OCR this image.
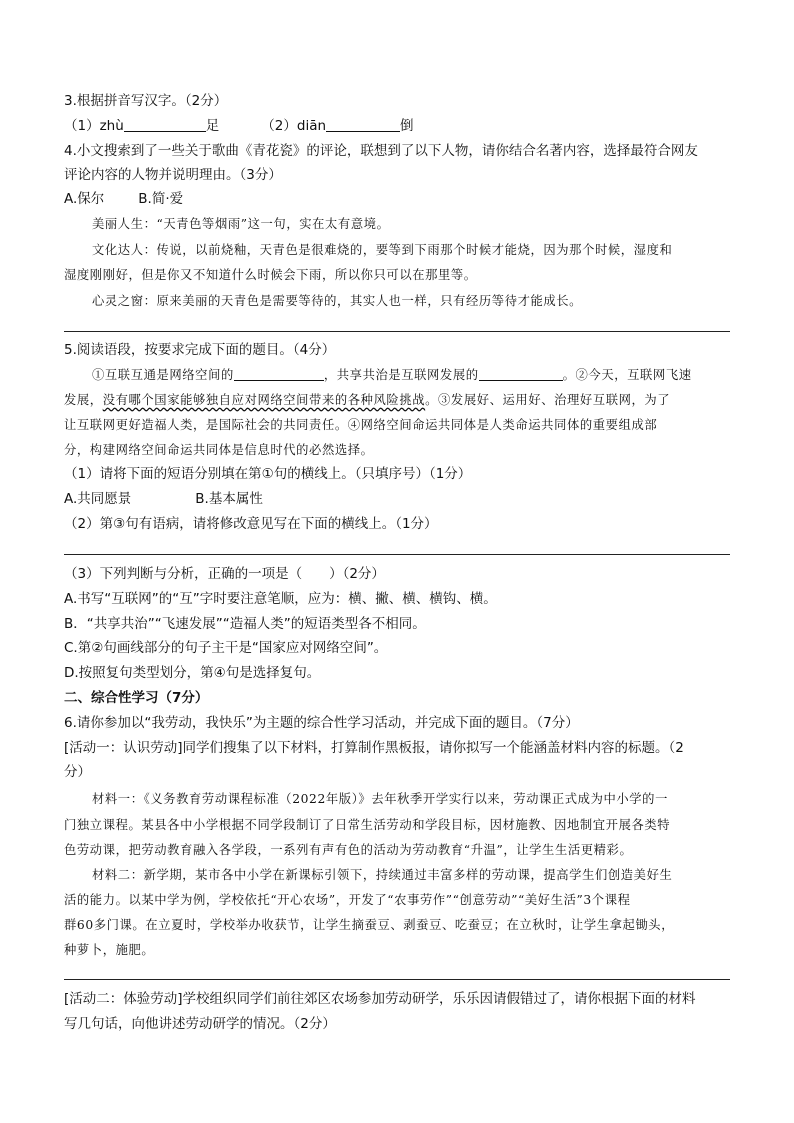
3.根据拼音写汉字。（2分）
（1）zhù	足	（2）diān	倒
4.小文搜索到了一些关于歌曲《青花瓷》的评论，联想到了以下人物，请你结合名著内容，选择最符合网友
评论内容的人物并说明理由。（3分）
A.保尔	B.简·爱
美丽人生：“天青色等烟雨”这一句，实在太有意境。
文化达人：传说，以前烧釉，天青色是很难烧的，要等到下雨那个时候才能烧，因为那个时候，湿度和
湿度刚刚好，但是你又不知道什么时候会下雨，所以你只可以在那里等。
心灵之窗：原来美丽的天青色是需要等待的，其实人也一样，只有经历等待才能成长。
5.阅读语段，按要求完成下面的题目。（4分）
①互联互通是网络空间的	，共享共治是互联网发展的	。②今天，互联网飞速
发展，没有哪个国家能够独自应对网络空间带来的各种风险挑战。③发展好、运用好、治理好互联网，为了
让互联网更好造福人类，是国际社会的共同责任。④网络空间命运共同体是人类命运共同体的重要组成部
分，构建网络空间命运共同体是信息时代的必然选择。
（1）请将下面的短语分别填在第①句的横线上。（只填序号）（1分）
A.共同愿景	B.基本属性
（2）第③句有语病，请将修改意见写在下面的横线上。（1分）
（3）下列判断与分析，正确的一项是（　　）（2分）
A.书写“互联网”的“互”字时要注意笔顺，应为：横、撇、横、横钩、横。
B．“共享共治”“飞速发展”“造福人类”的短语类型各不相同。
C.第②句画线部分的句子主干是“国家应对网络空间”。
D.按照复句类型划分，第④句是选择复句。
二、综合性学习（7分）
6.请你参加以“我劳动，我快乐”为主题的综合性学习活动，并完成下面的题目。（7分）
[活动一：认识劳动]同学们搜集了以下材料，打算制作黑板报，请你拟写一个能涵盖材料内容的标题。（2
分）
材料一：《义务教育劳动课程标准（2022年版）》去年秋季开学实行以来，劳动课正式成为中小学的一
门独立课程。某县各中小学根据不同学段制订了日常生活劳动和学段目标，因材施教、因地制宜开展各类特
色劳动课，把劳动教育融入各学段，一系列有声有色的活动为劳动教育“升温”，让学生生活更精彩。
材料二：新学期，某市各中小学在新课标引领下，持续通过丰富多样的劳动课，提高学生们创造美好生
活的能力。以某中学为例，学校依托“开心农场”，开发了“农事劳作”“创意劳动”“美好生活”3个课程
群60多门课。在立夏时，学校举办收获节，让学生摘蚕豆、剥蚕豆、吃蚕豆；在立秋时，让学生拿起锄头，
种萝卜，施肥。
[活动二：体验劳动]学校组织同学们前往郊区农场参加劳动研学，乐乐因请假错过了，请你根据下面的材料
写几句话，向他讲述劳动研学的情况。（2分）
